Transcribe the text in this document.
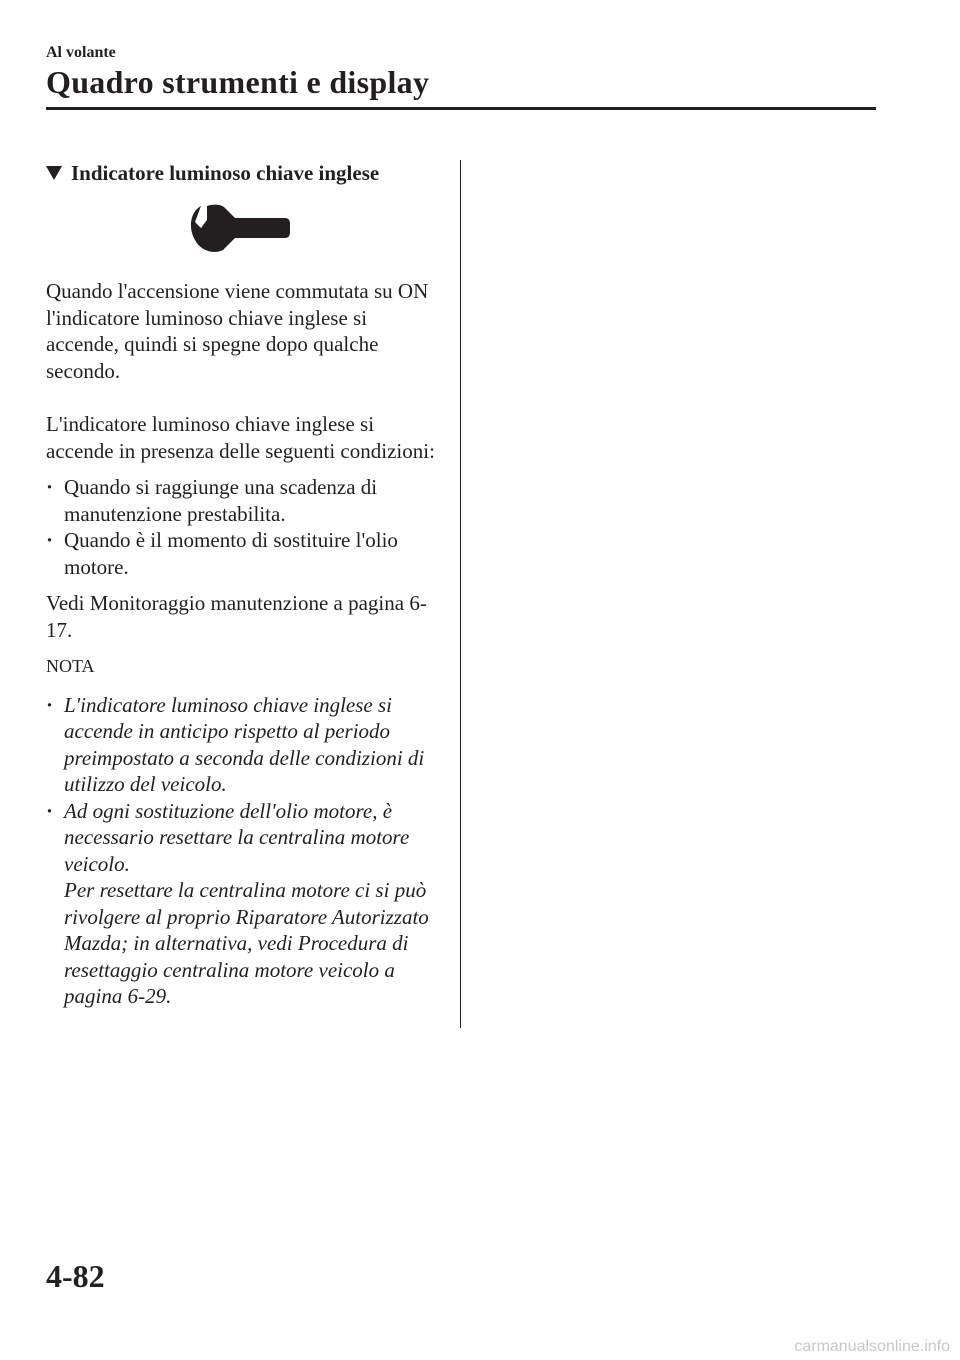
Al volante
Quadro strumenti e display
Indicatore luminoso chiave inglese

Quando l'accensione viene commutata su ON l'indicatore luminoso chiave inglese si accende, quindi si spegne dopo qualche secondo.

L'indicatore luminoso chiave inglese si accende in presenza delle seguenti condizioni:

· Quando si raggiunge una scadenza di manutenzione prestabilita.
· Quando è il momento di sostituire l'olio motore.

Vedi Monitoraggio manutenzione a pagina 6-17.

NOTA

· L'indicatore luminoso chiave inglese si accende in anticipo rispetto al periodo preimpostato a seconda delle condizioni di utilizzo del veicolo.
· Ad ogni sostituzione dell'olio motore, è necessario resettare la centralina motore veicolo.
Per resettare la centralina motore ci si può rivolgere al proprio Riparatore Autorizzato Mazda; in alternativa, vedi Procedura di resettaggio centralina motore veicolo a pagina 6-29.
4-82
carmanualsonline.info
